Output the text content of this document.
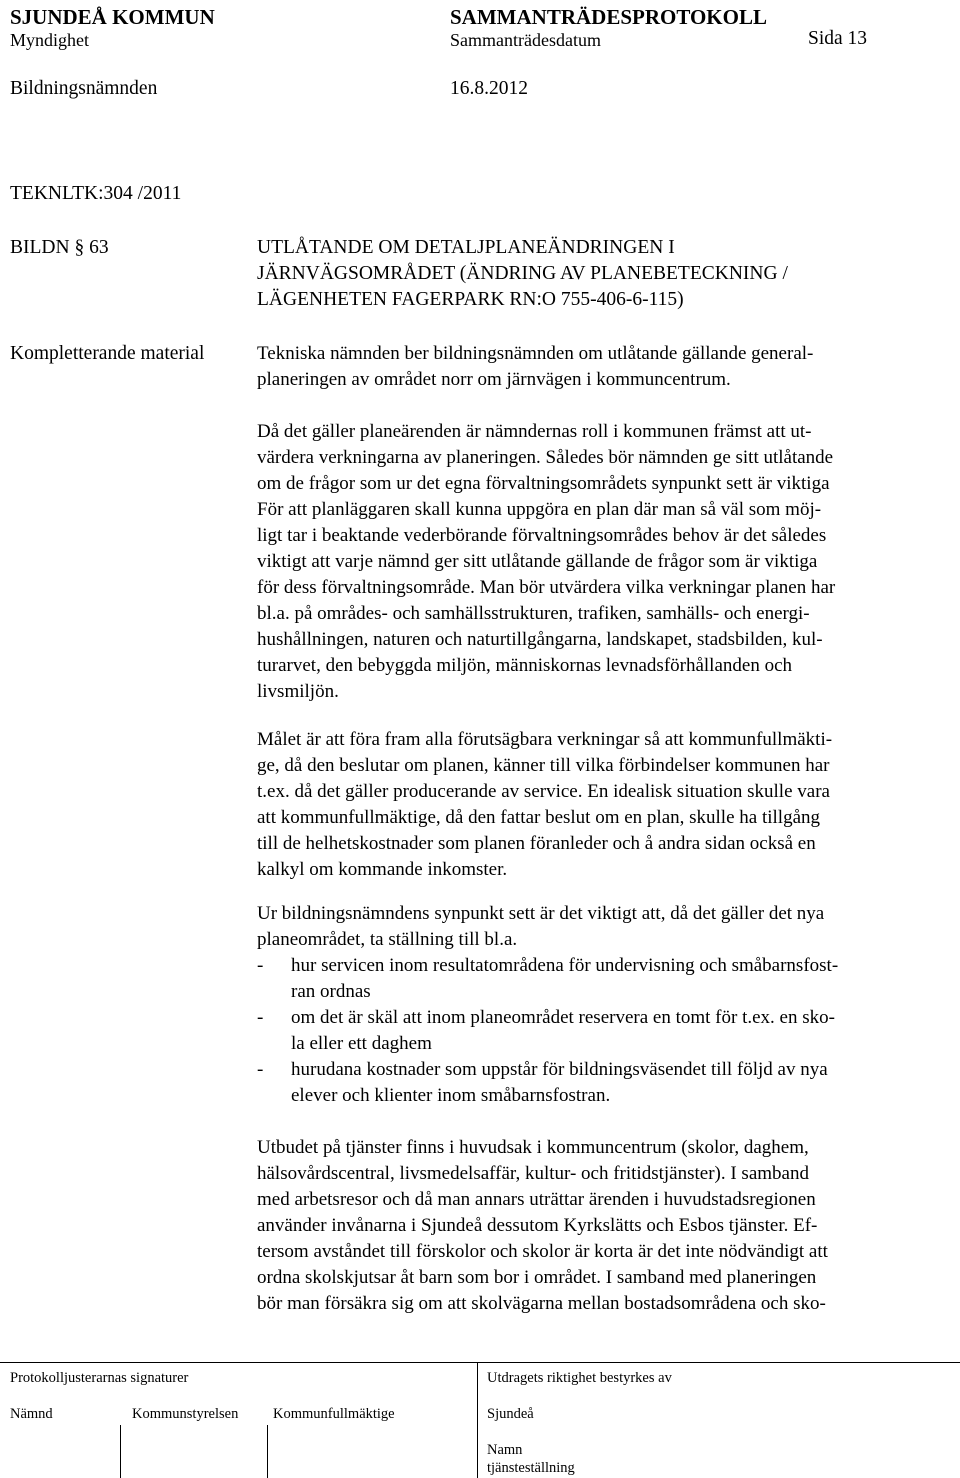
SJUNDEÅ KOMMUN	SAMMANTRÄDESPROTOKOLL
Myndighet	Sammanträdesdatum	Sida 13
Bildningsnämnden	16.8.2012
TEKNLTK:304 /2011
BILDN § 63	UTLÅTANDE OM DETALJPLANEÄNDRINGEN I
JÄRNVÄGSOMRÅDET (ÄNDRING AV PLANEBETECKNING /
LÄGENHETEN FAGERPARK RN:O 755-406-6-115)
Kompletterande material	Tekniska nämnden ber bildningsnämnden om utlåtande gällande general-
planeringen av området norr om järnvägen i kommuncentrum.
Då det gäller planeärenden är nämndernas roll i kommunen främst att ut-
värdera verkningarna av planeringen. Således bör nämnden ge sitt utlåtande
om de frågor som ur det egna förvaltningsområdets synpunkt sett är viktiga
För att planläggaren skall kunna uppgöra en plan där man så väl som möj-
ligt tar i beaktande vederbörande förvaltningsområdes behov är det således
viktigt att varje nämnd ger sitt utlåtande gällande de frågor som är viktiga
för dess förvaltningsområde. Man bör utvärdera vilka verkningar planen har
bl.a. på områdes- och samhällsstrukturen, trafiken, samhälls- och energi-
hushållningen, naturen och naturtillgångarna, landskapet, stadsbilden, kul-
turarvet, den bebyggda miljön, människornas levnadsförhållanden och
livsmiljön.
Målet är att föra fram alla förutsägbara verkningar så att kommunfullmäkti-
ge, då den beslutar om planen, känner till vilka förbindelser kommunen har
t.ex. då det gäller producerande av service. En idealisk situation skulle vara
att kommunfullmäktige, då den fattar beslut om en plan, skulle ha tillgång
till de helhetskostnader som planen föranleder och å andra sidan också en
kalkyl om kommande inkomster.
Ur bildningsnämndens synpunkt sett är det viktigt att, då det gäller det nya
planeområdet, ta ställning till bl.a.
- hur servicen inom resultatområdena för undervisning och småbarnsfost-
ran ordnas
- om det är skäl att inom planeområdet reservera en tomt för t.ex. en sko-
la eller ett daghem
- hurudana kostnader som uppstår för bildningsväsendet till följd av nya
elever och klienter inom småbarnsfostran.
Utbudet på tjänster finns i huvudsak i kommuncentrum (skolor, daghem,
hälsovårdscentral, livsmedelsaffär, kultur- och fritidstjänster). I samband
med arbetsresor och då man annars uträttar ärenden i huvudstadsregionen
använder invånarna i Sjundeå dessutom Kyrkslätts och Esbos tjänster. Ef-
tersom avståndet till förskolor och skolor är korta är det inte nödvändigt att
ordna skolskjutsar åt barn som bor i området. I samband med planeringen
bör man försäkra sig om att skolvägarna mellan bostadsområdena och sko-
Protokolljusterarnas signaturer	Utdragets riktighet bestyrkes av
Nämnd	Kommunstyrelsen Kommunfullmäktige	Sjundeå
Namn
tjänsteställning
